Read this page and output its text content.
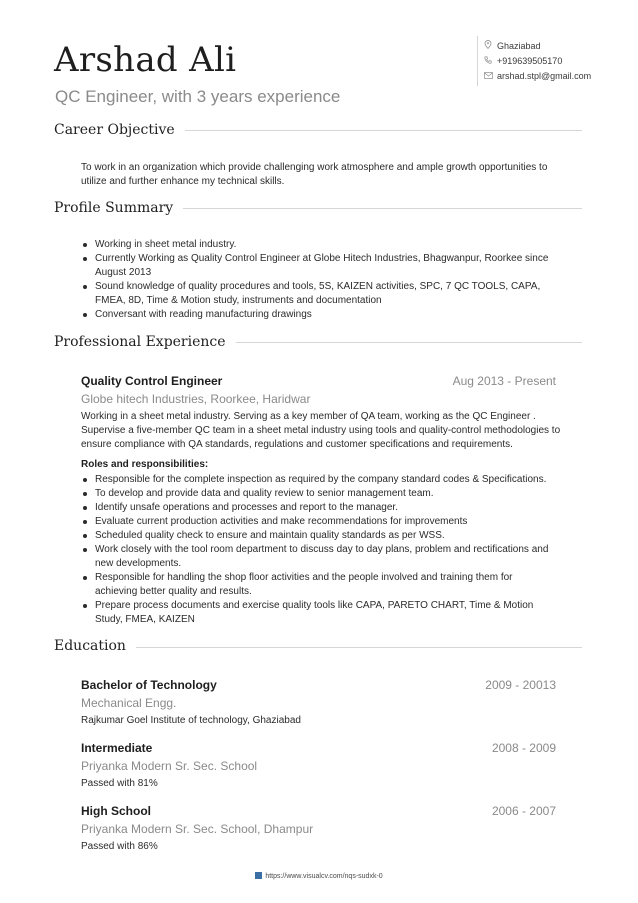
Arshad Ali
QC Engineer, with 3 years experience
Ghaziabad
+919639505170
arshad.stpl@gmail.com
Career Objective
To work in an organization which provide challenging work atmosphere and ample growth opportunities to utilize and further enhance my technical skills.
Profile Summary
Working in sheet metal industry.
Currently Working as Quality Control Engineer at Globe Hitech Industries, Bhagwanpur, Roorkee since August 2013
Sound knowledge of quality procedures and tools, 5S, KAIZEN activities, SPC, 7 QC TOOLS, CAPA, FMEA, 8D, Time & Motion study, instruments and documentation
Conversant with reading manufacturing drawings
Professional Experience
Quality Control Engineer	Aug 2013 - Present
Globe hitech Industries, Roorkee, Haridwar
Working in a sheet metal industry. Serving as a key member of QA team, working as the QC Engineer . Supervise a five-member QC team in a sheet metal industry using tools and quality-control methodologies to ensure compliance with QA standards, regulations and customer specifications and requirements.
Roles and responsibilities:
Responsible for the complete inspection as required by the company standard codes & Specifications.
To develop and provide data and quality review to senior management team.
Identify unsafe operations and processes and report to the manager.
Evaluate current production activities and make recommendations for improvements
Scheduled quality check to ensure and maintain quality standards as per WSS.
Work closely with the tool room department to discuss day to day plans, problem and rectifications and new developments.
Responsible for handling the shop floor activities and the people involved and training them for achieving better quality and results.
Prepare process documents and exercise quality tools like CAPA, PARETO CHART, Time & Motion Study, FMEA, KAIZEN
Education
Bachelor of Technology	2009 - 20013
Mechanical Engg.
Rajkumar Goel Institute of technology, Ghaziabad
Intermediate	2008 - 2009
Priyanka Modern Sr. Sec. School
Passed with 81%
High School	2006 - 2007
Priyanka Modern Sr. Sec. School, Dhampur
Passed with 86%
https://www.visualcv.com/nqs-sudxk-0
